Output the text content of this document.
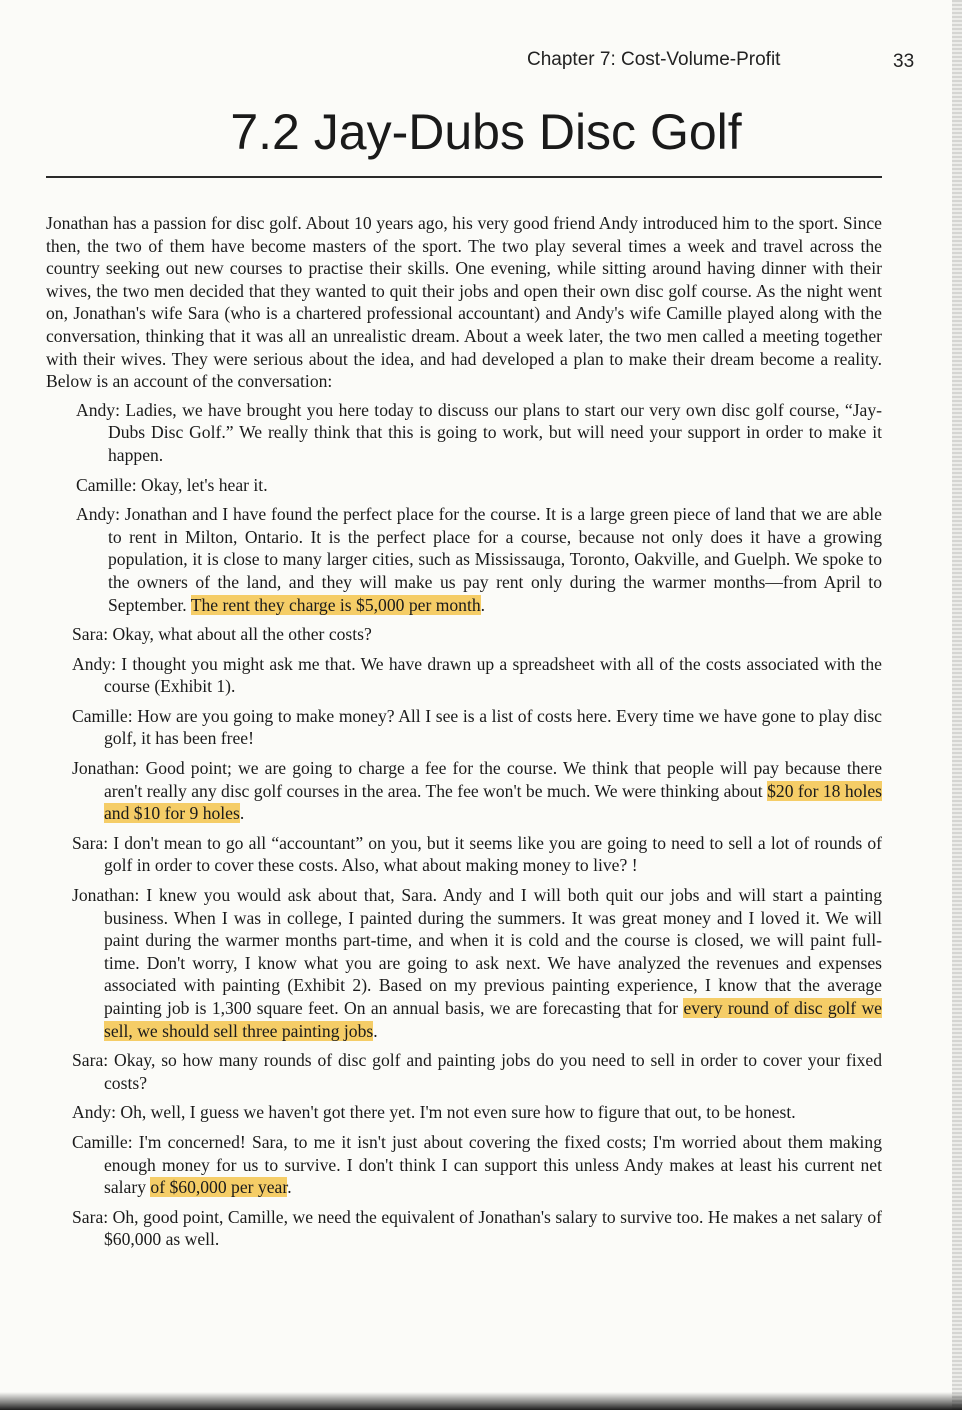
Chapter 7: Cost-Volume-Profit	33
7.2 Jay-Dubs Disc Golf

Jonathan has a passion for disc golf. About 10 years ago, his very good friend Andy introduced him to the sport. Since then, the two of them have become masters of the sport. The two play several times a week and travel across the country seeking out new courses to practise their skills. One evening, while sitting around having dinner with their wives, the two men decided that they wanted to quit their jobs and open their own disc golf course. As the night went on, Jonathan's wife Sara (who is a chartered professional accountant) and Andy's wife Camille played along with the conversation, thinking that it was all an unrealistic dream. About a week later, the two men called a meeting together with their wives. They were serious about the idea, and had developed a plan to make their dream become a reality. Below is an account of the conversation:

Andy: Ladies, we have brought you here today to discuss our plans to start our very own disc golf course, “Jay-Dubs Disc Golf.” We really think that this is going to work, but will need your support in order to make it happen.

Camille: Okay, let's hear it.

Andy: Jonathan and I have found the perfect place for the course. It is a large green piece of land that we are able to rent in Milton, Ontario. It is the perfect place for a course, because not only does it have a growing population, it is close to many larger cities, such as Mississauga, Toronto, Oakville, and Guelph. We spoke to the owners of the land, and they will make us pay rent only during the warmer months—from April to September. The rent they charge is $5,000 per month.

Sara: Okay, what about all the other costs?

Andy: I thought you might ask me that. We have drawn up a spreadsheet with all of the costs associated with the course (Exhibit 1).

Camille: How are you going to make money? All I see is a list of costs here. Every time we have gone to play disc golf, it has been free!

Jonathan: Good point; we are going to charge a fee for the course. We think that people will pay because there aren't really any disc golf courses in the area. The fee won't be much. We were thinking about $20 for 18 holes and $10 for 9 holes.

Sara: I don't mean to go all “accountant” on you, but it seems like you are going to need to sell a lot of rounds of golf in order to cover these costs. Also, what about making money to live? !

Jonathan: I knew you would ask about that, Sara. Andy and I will both quit our jobs and will start a painting business. When I was in college, I painted during the summers. It was great money and I loved it. We will paint during the warmer months part-time, and when it is cold and the course is closed, we will paint full-time. Don't worry, I know what you are going to ask next. We have analyzed the revenues and expenses associated with painting (Exhibit 2). Based on my previous painting experience, I know that the average painting job is 1,300 square feet. On an annual basis, we are forecasting that for every round of disc golf we sell, we should sell three painting jobs.

Sara: Okay, so how many rounds of disc golf and painting jobs do you need to sell in order to cover your fixed costs?

Andy: Oh, well, I guess we haven't got there yet. I'm not even sure how to figure that out, to be honest.

Camille: I'm concerned! Sara, to me it isn't just about covering the fixed costs; I'm worried about them making enough money for us to survive. I don't think I can support this unless Andy makes at least his current net salary of $60,000 per year.

Sara: Oh, good point, Camille, we need the equivalent of Jonathan's salary to survive too. He makes a net salary of $60,000 as well.
